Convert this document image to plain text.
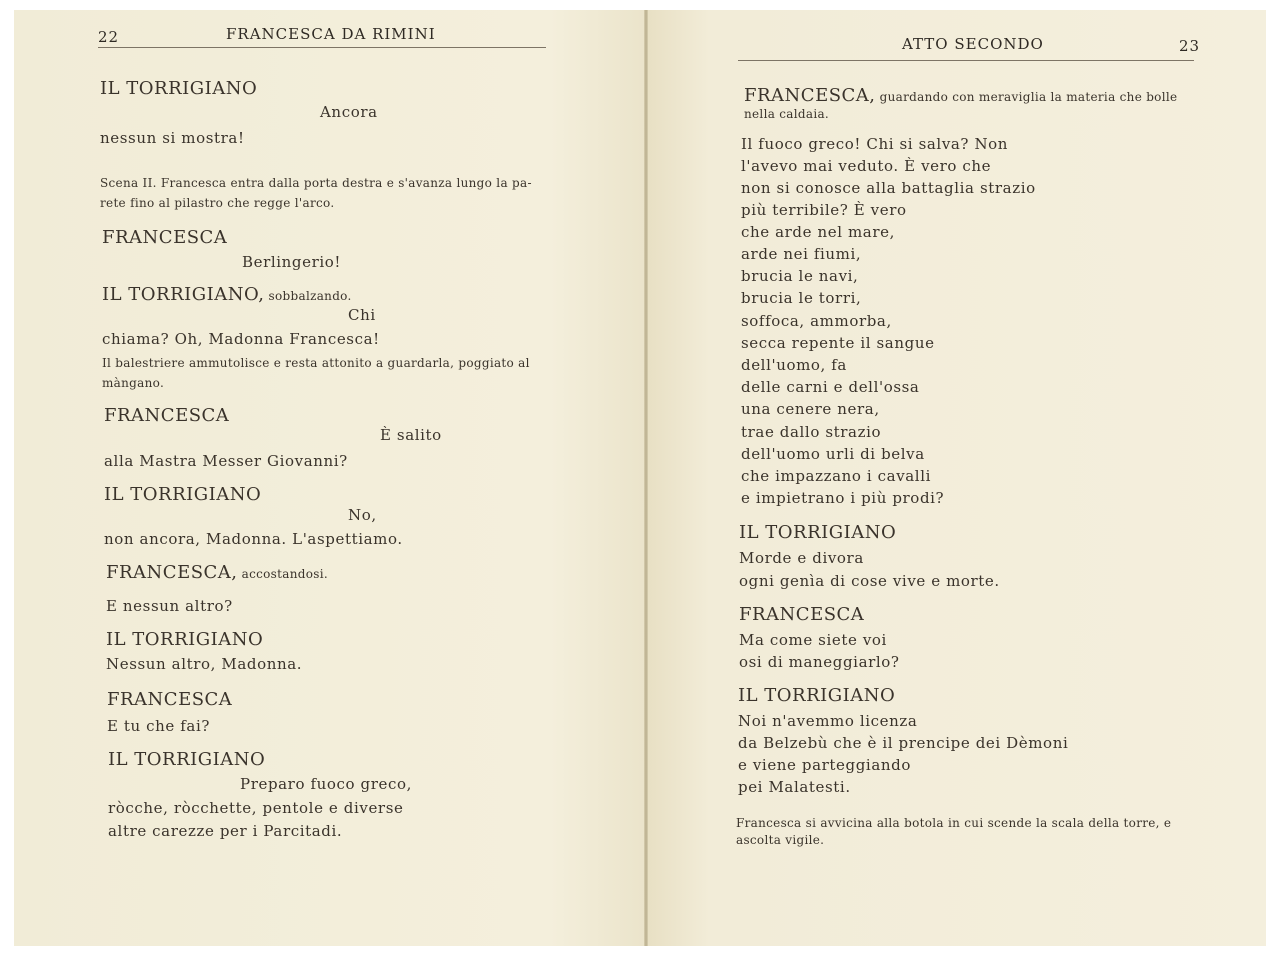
22	FRANCESCA DA RIMINI
IL TORRIGIANO
Ancora
nessun si mostra!
Scena II. Francesca entra dalla porta destra e s'avanza lungo la pa-
rete fino al pilastro che regge l'arco.
FRANCESCA
Berlingerio!
IL TORRIGIANO, sobbalzando.
Chi
chiama? Oh, Madonna Francesca!
Il balestriere ammutolisce e resta attonito a guardarla, poggiato al
màngano.
FRANCESCA
È salito
alla Mastra Messer Giovanni?
IL TORRIGIANO
No,
non ancora, Madonna. L'aspettiamo.
FRANCESCA, accostandosi.
E nessun altro?
IL TORRIGIANO
Nessun altro, Madonna.
FRANCESCA
E tu che fai?
IL TORRIGIANO
Preparo fuoco greco,
ròcche, ròcchette, pentole e diverse
altre carezze per i Parcitadi.
ATTO SECONDO	23
FRANCESCA, guardando con meraviglia la materia che bolle
nella caldaia.
Il fuoco greco! Chi si salva? Non
l'avevo mai veduto. È vero che
non si conosce alla battaglia strazio
più terribile? È vero
che arde nel mare,
arde nei fiumi,
brucia le navi,
brucia le torri,
soffoca, ammorba,
secca repente il sangue
dell'uomo, fa
delle carni e dell'ossa
una cenere nera,
trae dallo strazio
dell'uomo urli di belva
che impazzano i cavalli
e impietrano i più prodi?
IL TORRIGIANO
Morde e divora
ogni genìa di cose vive e morte.
FRANCESCA
Ma come siete voi
osi di maneggiarlo?
IL TORRIGIANO
Noi n'avemmo licenza
da Belzebù che è il prencipe dei Dèmoni
e viene parteggiando
pei Malatesti.
Francesca si avvicina alla botola in cui scende la scala della torre, e
ascolta vigile.
